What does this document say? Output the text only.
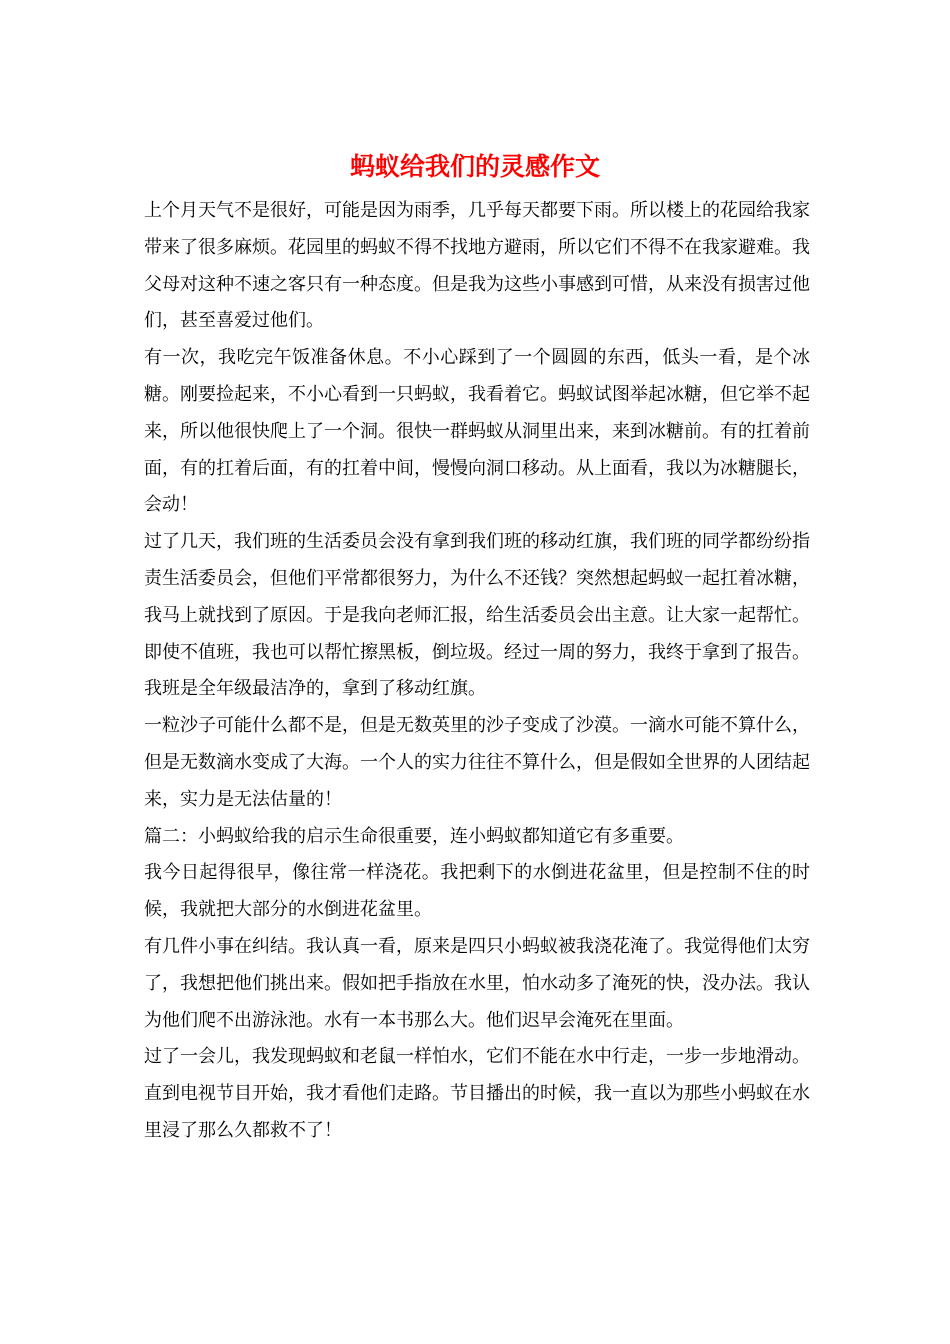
蚂蚁给我们的灵感作文

上个月天气不是很好，可能是因为雨季，几乎每天都要下雨。所以楼上的花园给我家带来了很多麻烦。花园里的蚂蚁不得不找地方避雨，所以它们不得不在我家避难。我父母对这种不速之客只有一种态度。但是我为这些小事感到可惜，从来没有损害过他们，甚至喜爱过他们。

有一次，我吃完午饭准备休息。不小心踩到了一个圆圆的东西，低头一看，是个冰糖。刚要捡起来，不小心看到一只蚂蚁，我看着它。蚂蚁试图举起冰糖，但它举不起来，所以他很快爬上了一个洞。很快一群蚂蚁从洞里出来，来到冰糖前。有的扛着前面，有的扛着后面，有的扛着中间，慢慢向洞口移动。从上面看，我以为冰糖腿长，会动！

过了几天，我们班的生活委员会没有拿到我们班的移动红旗，我们班的同学都纷纷指责生活委员会，但他们平常都很努力，为什么不还钱？突然想起蚂蚁一起扛着冰糖，我马上就找到了原因。于是我向老师汇报，给生活委员会出主意。让大家一起帮忙。即使不值班，我也可以帮忙擦黑板，倒垃圾。经过一周的努力，我终于拿到了报告。我班是全年级最洁净的，拿到了移动红旗。

一粒沙子可能什么都不是，但是无数英里的沙子变成了沙漠。一滴水可能不算什么，但是无数滴水变成了大海。一个人的实力往往不算什么，但是假如全世界的人团结起来，实力是无法估量的！

篇二：小蚂蚁给我的启示生命很重要，连小蚂蚁都知道它有多重要。

我今日起得很早，像往常一样浇花。我把剩下的水倒进花盆里，但是控制不住的时候，我就把大部分的水倒进花盆里。

有几件小事在纠结。我认真一看，原来是四只小蚂蚁被我浇花淹了。我觉得他们太穷了，我想把他们挑出来。假如把手指放在水里，怕水动多了淹死的快，没办法。我认为他们爬不出游泳池。水有一本书那么大。他们迟早会淹死在里面。

过了一会儿，我发现蚂蚁和老鼠一样怕水，它们不能在水中行走，一步一步地滑动。直到电视节目开始，我才看他们走路。节目播出的时候，我一直以为那些小蚂蚁在水里浸了那么久都救不了！
